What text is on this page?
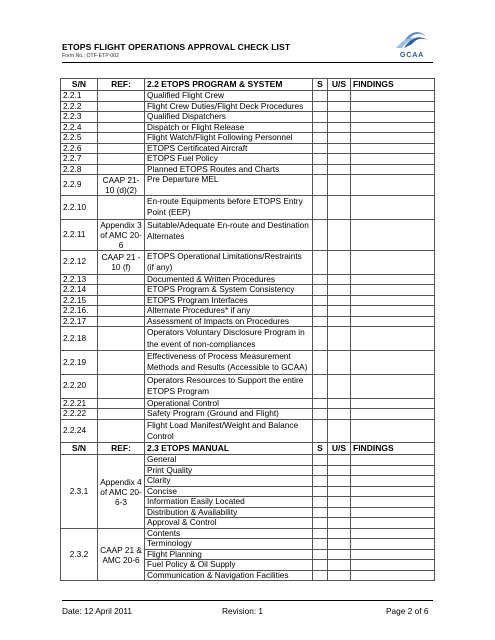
ETOPS FLIGHT OPERATIONS APPROVAL CHECK LIST
Form No.: OTF-ETP-002	GCAA
S/N	REF:	2.2 ETOPS PROGRAM & SYSTEM	S	U/S	FINDINGS
2.2.1		Qualified Flight Crew			
2.2.2		Flight Crew Duties/Flight Deck Procedures			
2.2.3		Qualified Dispatchers			
2.2.4		Dispatch or Flight Release			
2.2.5		Flight Watch/Flight Following Personnel			
2.2.6		ETOPS Certificated Aircraft			
2.2.7		ETOPS Fuel Policy			
2.2.8		Planned ETOPS Routes and Charts			
2.2.9	CAAP 21-10 (d)(2)	Pre Departure MEL			
2.2.10		En-route Equipments before ETOPS Entry Point (EEP)			
2.2.11	Appendix 3 of AMC 20-6	Suitable/Adequate En-route and Destination Alternates			
2.2.12	CAAP 21 - 10 (f)	ETOPS Operational Limitations/Restraints (if any)			
2.2.13		Documented & Written Procedures			
2.2.14		ETOPS Program & System Consistency			
2.2.15		ETOPS Program Interfaces			
2.2.16.		Alternate Procedures* if any			
2.2.17		Assessment of Impacts on Procedures			
2.2.18		Operators Voluntary Disclosure Program in the event of non-compliances			
2.2.19		Effectiveness of Process Measurement Methods and Results (Accessible to GCAA)			
2.2.20		Operators Resources to Support the entire ETOPS Program			
2.2.21		Operational Control			
2.2.22		Safety Program (Ground and Flight)			
2.2.24		Flight Load Manifest/Weight and Balance Control			
S/N	REF:	2.3 ETOPS MANUAL	S	U/S	FINDINGS
2.3.1	Appendix 4 of AMC 20-6-3	General			
		Print Quality			
		Clarity			
		Concise			
		Information Easily Located			
		Distribution & Availability			
		Approval & Control			
2.3.2	CAAP 21 & AMC 20-6	Contents			
		Terminology			
		Flight Planning			
		Fuel Policy & Oil Supply			
		Communication & Navigation Facilities			
Date: 12 April 2011	Revision: 1	Page 2 of 6
